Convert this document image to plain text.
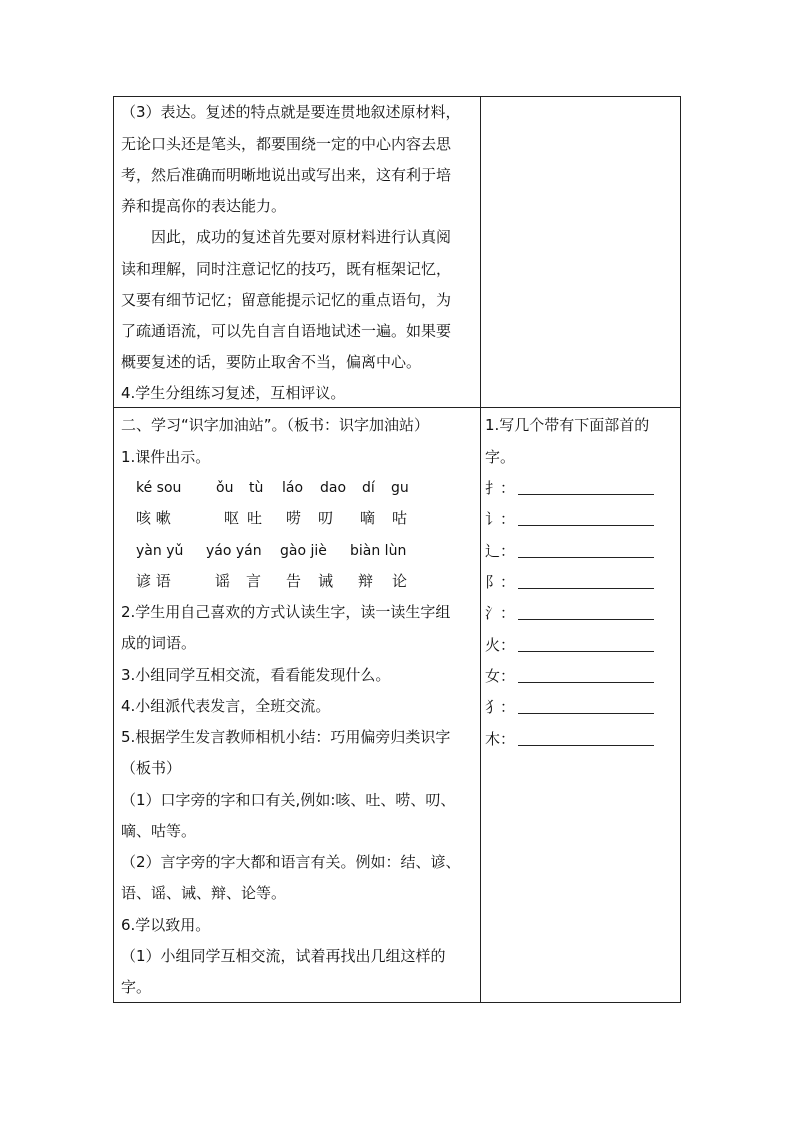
（3）表达。复述的特点就是要连贯地叙述原材料，
无论口头还是笔头，都要围绕一定的中心内容去思
考，然后准确而明晰地说出或写出来，这有利于培
养和提高你的表达能力。
因此，成功的复述首先要对原材料进行认真阅
读和理解，同时注意记忆的技巧，既有框架记忆，
又要有细节记忆；留意能提示记忆的重点语句，为
了疏通语流，可以先自言自语地试述一遍。如果要
概要复述的话，要防止取舍不当，偏离中心。
4.学生分组练习复述，互相评议。
二、学习“识字加油站”。（板书：识字加油站）
1.课件出示。
ké sou ǒu tù láo dao dí gu
咳 嗽	呕 吐 唠 叨 嘀 咕
yàn yǔ yáo yán gào jiè biàn lùn
谚 语	谣 言 告 诫 辩 论
2.学生用自己喜欢的方式认读生字，读一读生字组
成的词语。
3.小组同学互相交流，看看能发现什么。
4.小组派代表发言，全班交流。
5.根据学生发言教师相机小结：巧用偏旁归类识字
（板书）
（1）口字旁的字和口有关,例如:咳、吐、唠、叨、
嘀、咕等。
（2）言字旁的字大都和语言有关。例如：结、谚、
语、谣、诫、辩、论等。
6.学以致用。
（1）小组同学互相交流，试着再找出几组这样的
字。
1.写几个带有下面部首的
字。
扌 ：
讠 ：
辶 ：
阝 ：
氵 ：
火 ：
女 ：
犭 ：
木 ：
